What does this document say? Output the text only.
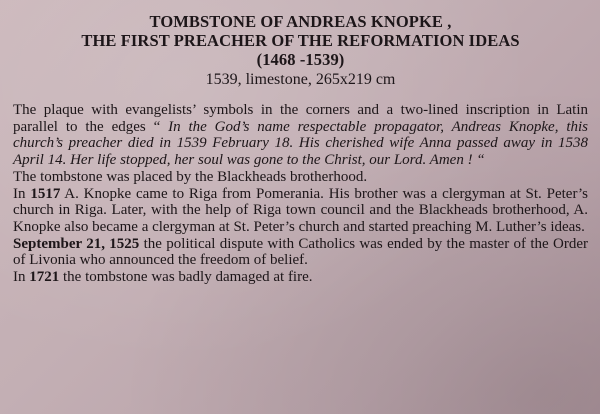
TOMBSTONE OF ANDREAS KNOPKE ,
THE FIRST PREACHER OF THE REFORMATION IDEAS
(1468 -1539)
1539, limestone, 265x219 cm

The plaque with evangelists’ symbols in the corners and a two-lined inscription in Latin parallel to the edges “ In the God’s name respectable propagator, Andreas Knopke, this church’s preacher died in 1539 February 18. His cherished wife Anna passed away in 1538 April 14. Her life stopped, her soul was gone to the Christ, our Lord. Amen ! “

The tombstone was placed by the Blackheads brotherhood.

In 1517 A. Knopke came to Riga from Pomerania. His brother was a clergyman at St. Peter’s church in Riga. Later, with the help of Riga town council and the Blackheads brotherhood, A. Knopke also became a clergyman at St. Peter’s church and started preaching M. Luther’s ideas.

September 21, 1525 the political dispute with Catholics was ended by the master of the Order of Livonia who announced the freedom of belief.

In 1721 the tombstone was badly damaged at fire.
